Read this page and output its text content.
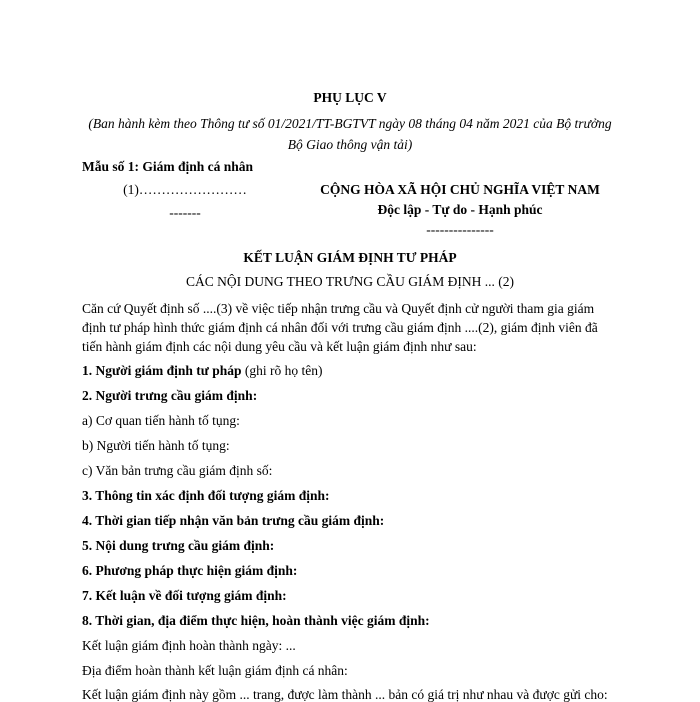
PHỤ LỤC V
(Ban hành kèm theo Thông tư số 01/2021/TT-BGTVT ngày 08 tháng 04 năm 2021 của Bộ trưởng
Bộ Giao thông vận tải)
Mẫu số 1: Giám định cá nhân
(1)……………………
-------
CỘNG HÒA XÃ HỘI CHỦ NGHĨA VIỆT NAM
Độc lập - Tự do - Hạnh phúc
---------------
KẾT LUẬN GIÁM ĐỊNH TƯ PHÁP
CÁC NỘI DUNG THEO TRƯNG CẦU GIÁM ĐỊNH ... (2)
Căn cứ Quyết định số ....(3) về việc tiếp nhận trưng cầu và Quyết định cử người tham gia giám
định tư pháp hình thức giám định cá nhân đối với trưng cầu giám định ....(2), giám định viên đã
tiến hành giám định các nội dung yêu cầu và kết luận giám định như sau:
1. Người giám định tư pháp (ghi rõ họ tên)
2. Người trưng cầu giám định:
a) Cơ quan tiến hành tố tụng:
b) Người tiến hành tố tụng:
c) Văn bản trưng cầu giám định số:
3. Thông tin xác định đối tượng giám định:
4. Thời gian tiếp nhận văn bản trưng cầu giám định:
5. Nội dung trưng cầu giám định:
6. Phương pháp thực hiện giám định:
7. Kết luận về đối tượng giám định:
8. Thời gian, địa điểm thực hiện, hoàn thành việc giám định:
Kết luận giám định hoàn thành ngày: ...
Địa điểm hoàn thành kết luận giám định cá nhân:
Kết luận giám định này gồm ... trang, được làm thành ... bản có giá trị như nhau và được gửi cho:
